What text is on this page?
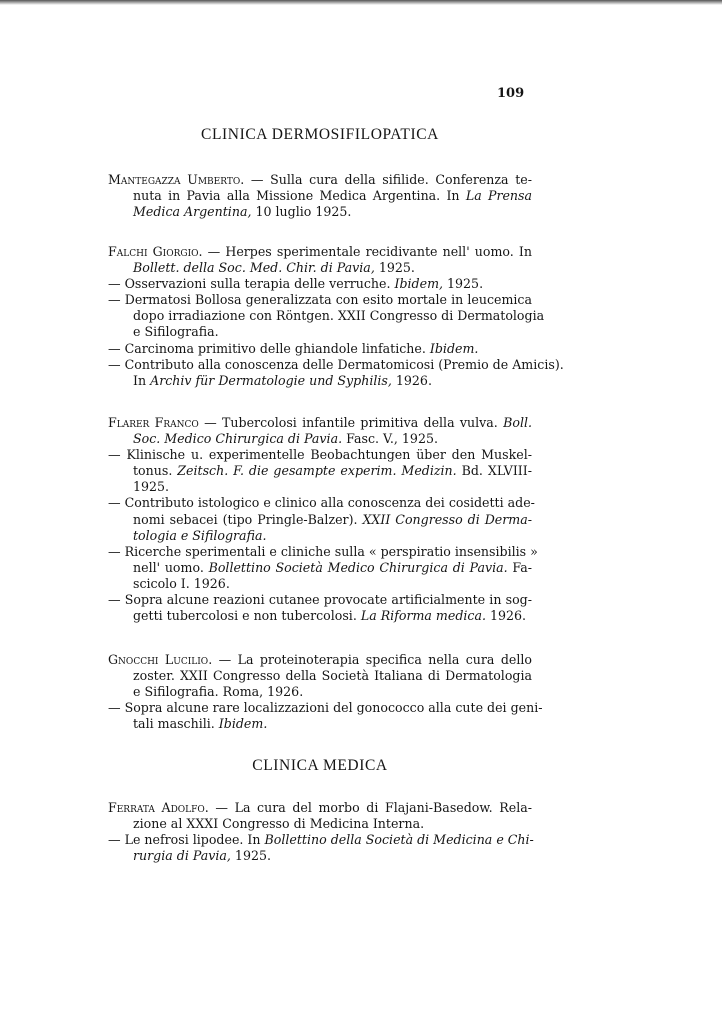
109
CLINICA DERMOSIFILOPATICA
CLINICA MEDICA
Mantegazza Umberto. — Sulla cura della sifilide. Conferenza te-
nuta in Pavia alla Missione Medica Argentina. In La Prensa
Medica Argentina, 10 luglio 1925.
Falchi Giorgio. — Herpes sperimentale recidivante nell' uomo. In
Bollett. della Soc. Med. Chir. di Pavia, 1925.
— Osservazioni sulla terapia delle verruche. Ibidem, 1925.
— Dermatosi Bollosa generalizzata con esito mortale in leucemica
dopo irradiazione con Röntgen. XXII Congresso di Dermatologia
e Sifilografia.
— Carcinoma primitivo delle ghiandole linfatiche. Ibidem.
— Contributo alla conoscenza delle Dermatomicosi (Premio de Amicis).
In Archiv für Dermatologie und Syphilis, 1926.
Flarer Franco — Tubercolosi infantile primitiva della vulva. Boll.
Soc. Medico Chirurgica di Pavia. Fasc. V., 1925.
— Klinische u. experimentelle Beobachtungen über den Muskel-
tonus. Zeitsch. F. die gesampte experim. Medizin. Bd. XLVIII-
1925.
— Contributo istologico e clinico alla conoscenza dei cosidetti ade-
nomi sebacei (tipo Pringle-Balzer). XXII Congresso di Derma-
tologia e Sifilografia.
— Ricerche sperimentali e cliniche sulla « perspiratio insensibilis »
nell' uomo. Bollettino Società Medico Chirurgica di Pavia. Fa-
scicolo I. 1926.
— Sopra alcune reazioni cutanee provocate artificialmente in sog-
getti tubercolosi e non tubercolosi. La Riforma medica. 1926.
Gnocchi Lucilio. — La proteinoterapia specifica nella cura dello
zoster. XXII Congresso della Società Italiana di Dermatologia
e Sifilografia. Roma, 1926.
— Sopra alcune rare localizzazioni del gonococco alla cute dei geni-
tali maschili. Ibidem.
Ferrata Adolfo. — La cura del morbo di Flajani-Basedow. Rela-
zione al XXXI Congresso di Medicina Interna.
— Le nefrosi lipodee. In Bollettino della Società di Medicina e Chi-
rurgia di Pavia, 1925.
